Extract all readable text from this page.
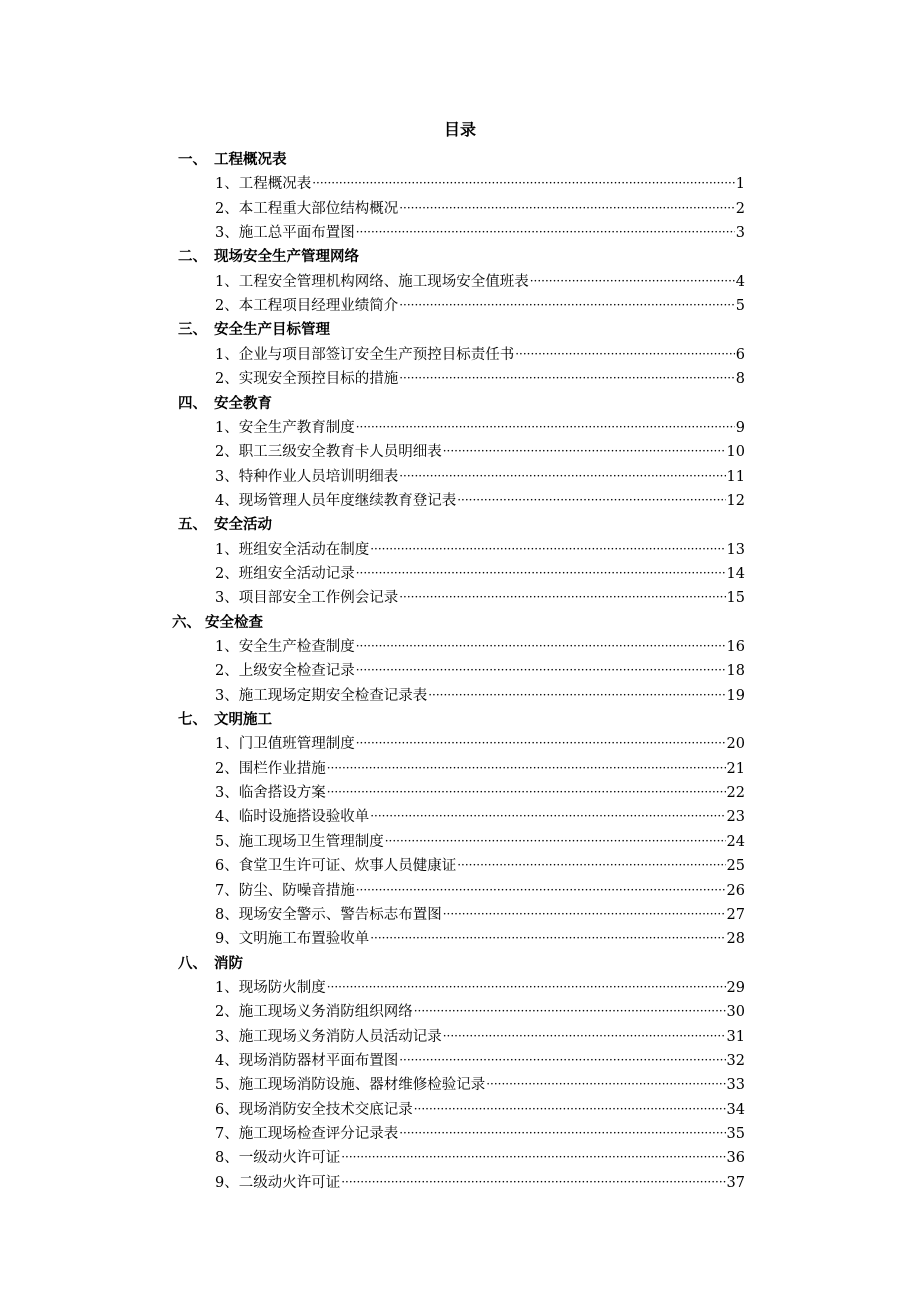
目录
一、 工程概况表
1、 工程概况表 ·····	1
2、 本工程重大部位结构概况 ·····	2
3、 施工总平面布置图 ·····	3
二、 现场安全生产管理网络
1、 工程安全管理机构网络、施工现场安全值班表 ·····	4
2、 本工程项目经理业绩简介 ·····	5
三、 安全生产目标管理
1、 企业与项目部签订安全生产预控目标责任书 ·····	6
2、 实现安全预控目标的措施 ·····	8
四、 安全教育
1、 安全生产教育制度 ·····	9
2、 职工三级安全教育卡人员明细表 ·····	10
3、 特种作业人员培训明细表 ·····	11
4、 现场管理人员年度继续教育登记表 ·····	12
五、 安全活动
1、 班组安全活动在制度 ·····	13
2、 班组安全活动记录 ·····	14
3、 项目部安全工作例会记录 ·····	15
六、 安全检查
1、 安全生产检查制度 ·····	16
2、 上级安全检查记录 ·····	18
3、 施工现场定期安全检查记录表 ·····	19
七、 文明施工
1、 门卫值班管理制度 ·····	20
2、 围栏作业措施 ·····	21
3、 临舍搭设方案 ·····	22
4、 临时设施搭设验收单 ·····	23
5、 施工现场卫生管理制度 ·····	24
6、 食堂卫生许可证、炊事人员健康证 ·····	25
7、 防尘、防噪音措施 ·····	26
8、 现场安全警示、警告标志布置图 ·····	27
9、 文明施工布置验收单 ·····	28
八、 消防
1、 现场防火制度 ·····	29
2、 施工现场义务消防组织网络 ·····	30
3、 施工现场义务消防人员活动记录 ·····	31
4、 现场消防器材平面布置图 ·····	32
5、 施工现场消防设施、器材维修检验记录 ·····	33
6、 现场消防安全技术交底记录 ·····	34
7、 施工现场检查评分记录表 ·····	35
8、 一级动火许可证 ·····	36
9、 二级动火许可证 ·····	37
